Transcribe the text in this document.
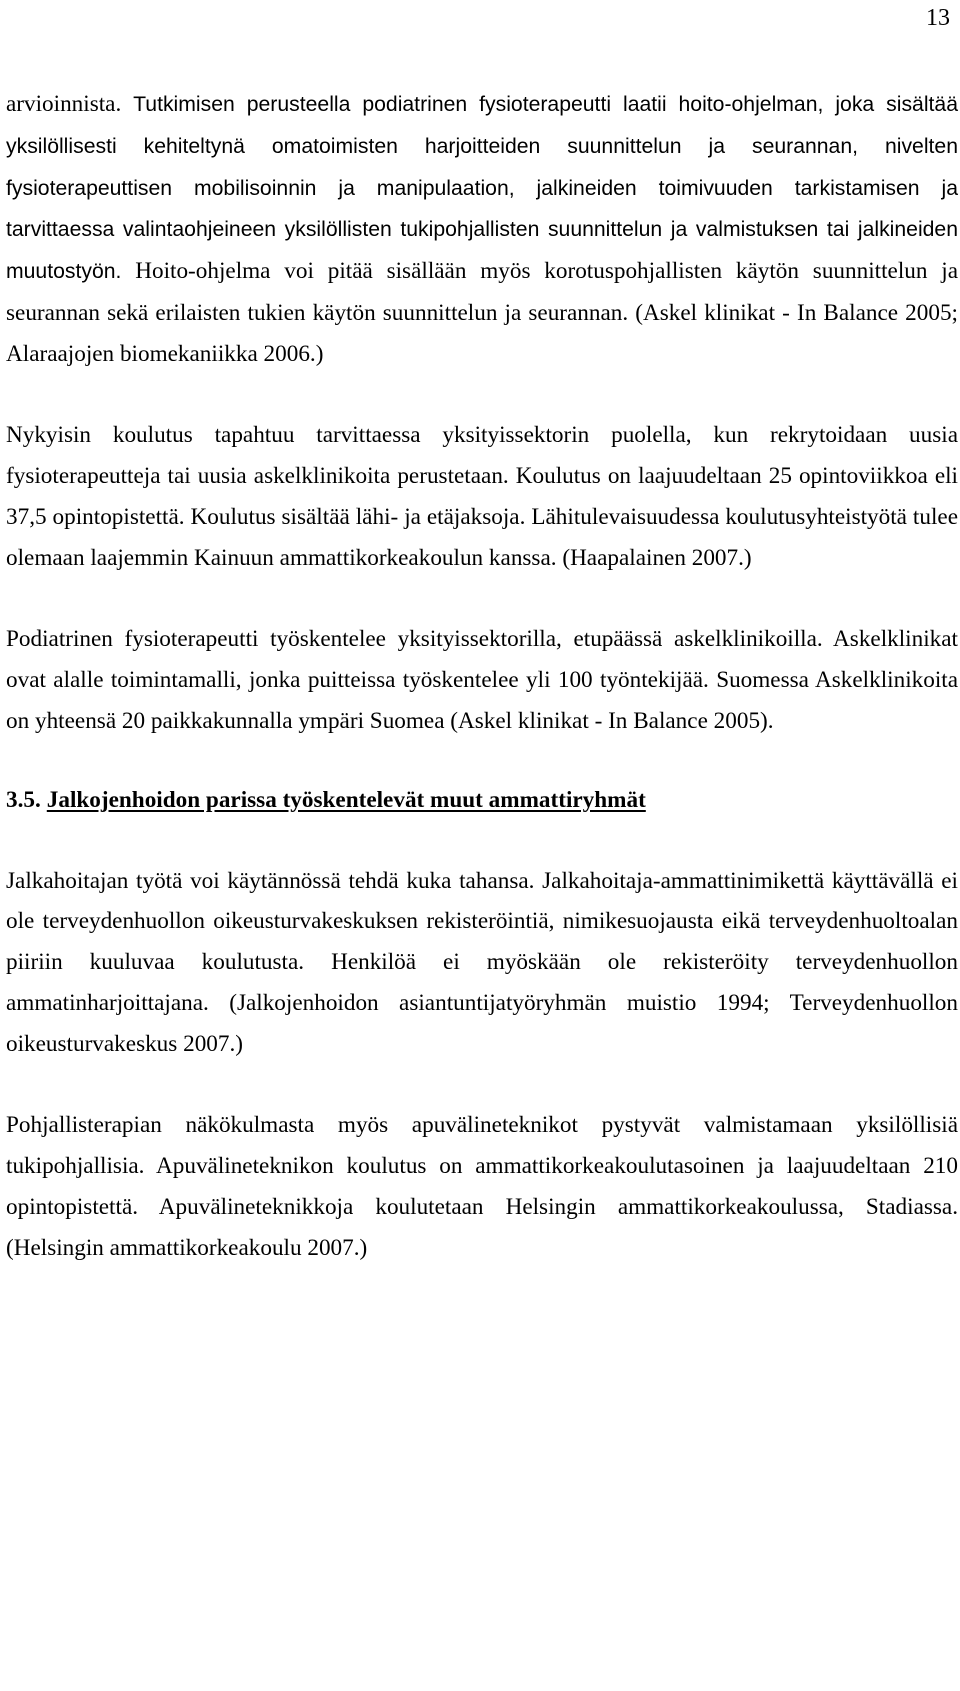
13

arvioinnista. Tutkimisen perusteella podiatrinen fysioterapeutti laatii hoito-ohjelman, joka sisältää yksilöllisesti kehiteltynä omatoimisten harjoitteiden suunnittelun ja seurannan, nivelten fysioterapeuttisen mobilisoinnin ja manipulaation, jalkineiden toimivuuden tarkistamisen ja tarvittaessa valintaohjeineen yksilöllisten tukipohjallisten suunnittelun ja valmistuksen tai jalkineiden muutostyön. Hoito-ohjelma voi pitää sisällään myös korotuspohjallisten käytön suunnittelun ja seurannan sekä erilaisten tukien käytön suunnittelun ja seurannan. (Askel klinikat - In Balance 2005; Alaraajojen biomekaniikka 2006.)

Nykyisin koulutus tapahtuu tarvittaessa yksityissektorin puolella, kun rekrytoidaan uusia fysioterapeutteja tai uusia askelklinikoita perustetaan. Koulutus on laajuudeltaan 25 opintoviikkoa eli 37,5 opintopistettä. Koulutus sisältää lähi- ja etäjaksoja. Lähitulevaisuudessa koulutusyhteistyötä tulee olemaan laajemmin Kainuun ammattikorkeakoulun kanssa. (Haapalainen 2007.)

Podiatrinen fysioterapeutti työskentelee yksityissektorilla, etupäässä askelklinikoilla. Askelklinikat ovat alalle toimintamalli, jonka puitteissa työskentelee yli 100 työntekijää. Suomessa Askelklinikoita on yhteensä 20 paikkakunnalla ympäri Suomea (Askel klinikat - In Balance 2005).

3.5. Jalkojenhoidon parissa työskentelevät muut ammattiryhmät

Jalkahoitajan työtä voi käytännössä tehdä kuka tahansa. Jalkahoitaja-ammattinimikettä käyttävällä ei ole terveydenhuollon oikeusturvakeskuksen rekisteröintiä, nimikesuojausta eikä terveydenhuoltoalan piiriin kuuluvaa koulutusta. Henkilöä ei myöskään ole rekisteröity terveydenhuollon ammatinharjoittajana. (Jalkojenhoidon asiantuntijatyöryhmän muistio 1994; Terveydenhuollon oikeusturvakeskus 2007.)

Pohjallisterapian näkökulmasta myös apuvälineteknikot pystyvät valmistamaan yksilöllisiä tukipohjallisia. Apuvälineteknikon koulutus on ammattikorkeakoulutasoinen ja laajuudeltaan 210 opintopistettä. Apuvälineteknikkoja koulutetaan Helsingin ammattikorkeakoulussa, Stadiassa. (Helsingin ammattikorkeakoulu 2007.)
